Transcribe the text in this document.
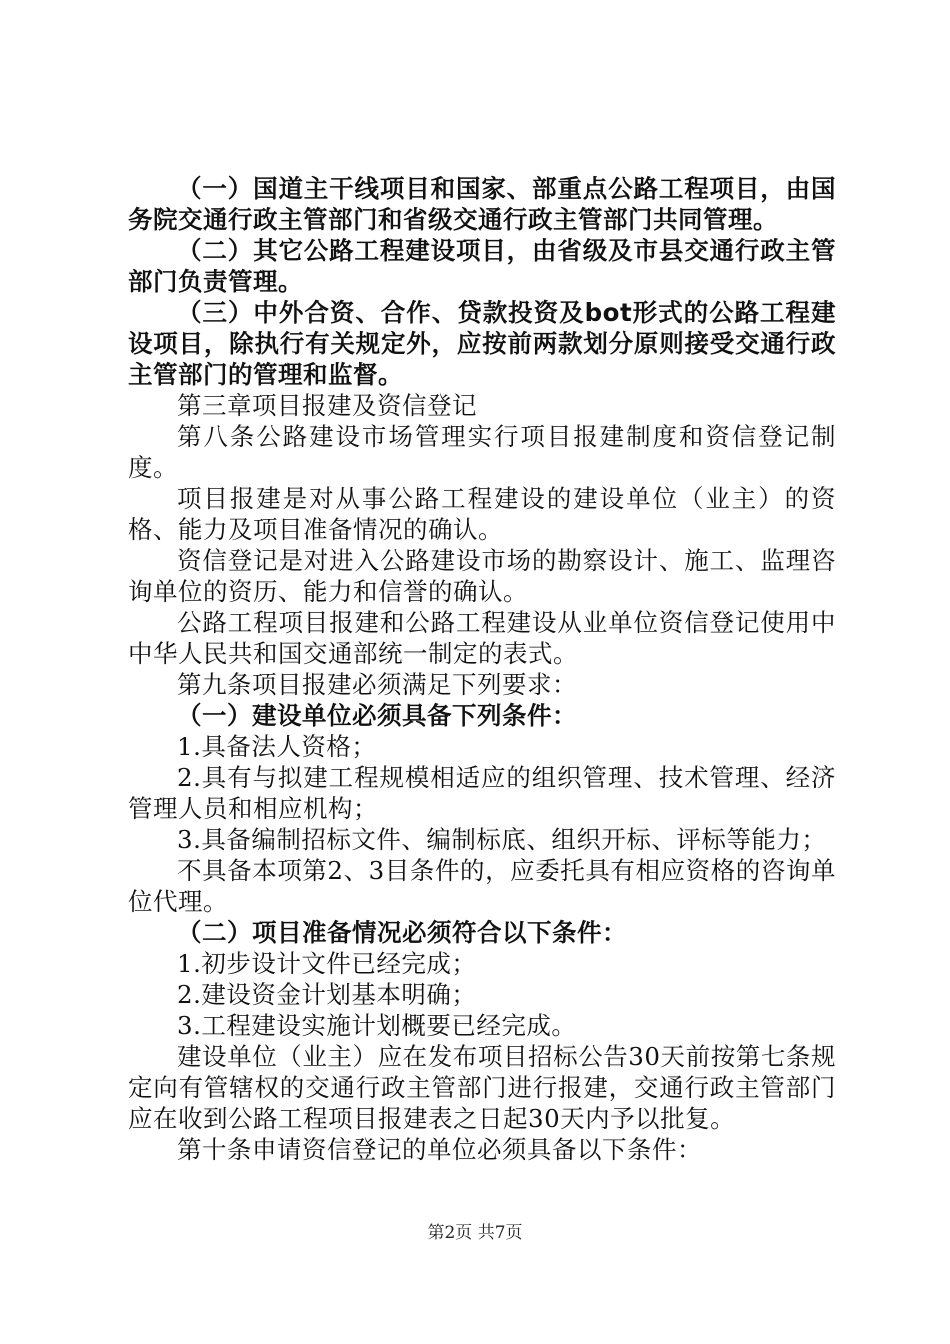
（一）国道主干线项目和国家、部重点公路工程项目，由国务院交通行政主管部门和省级交通行政主管部门共同管理。

（二）其它公路工程建设项目，由省级及市县交通行政主管部门负责管理。

（三）中外合资、合作、贷款投资及bot形式的公路工程建设项目，除执行有关规定外，应按前两款划分原则接受交通行政主管部门的管理和监督。

第三章项目报建及资信登记

第八条公路建设市场管理实行项目报建制度和资信登记制度。

项目报建是对从事公路工程建设的建设单位（业主）的资格、能力及项目准备情况的确认。

资信登记是对进入公路建设市场的勘察设计、施工、监理咨询单位的资历、能力和信誉的确认。

公路工程项目报建和公路工程建设从业单位资信登记使用中中华人民共和国交通部统一制定的表式。

第九条项目报建必须满足下列要求：

（一）建设单位必须具备下列条件：

1.具备法人资格；

2.具有与拟建工程规模相适应的组织管理、技术管理、经济管理人员和相应机构；

3.具备编制招标文件、编制标底、组织开标、评标等能力；

不具备本项第2、3目条件的，应委托具有相应资格的咨询单位代理。

（二）项目准备情况必须符合以下条件：

1.初步设计文件已经完成；

2.建设资金计划基本明确；

3.工程建设实施计划概要已经完成。

建设单位（业主）应在发布项目招标公告30天前按第七条规定向有管辖权的交通行政主管部门进行报建，交通行政主管部门应在收到公路工程项目报建表之日起30天内予以批复。

第十条申请资信登记的单位必须具备以下条件：

第2页 共7页
